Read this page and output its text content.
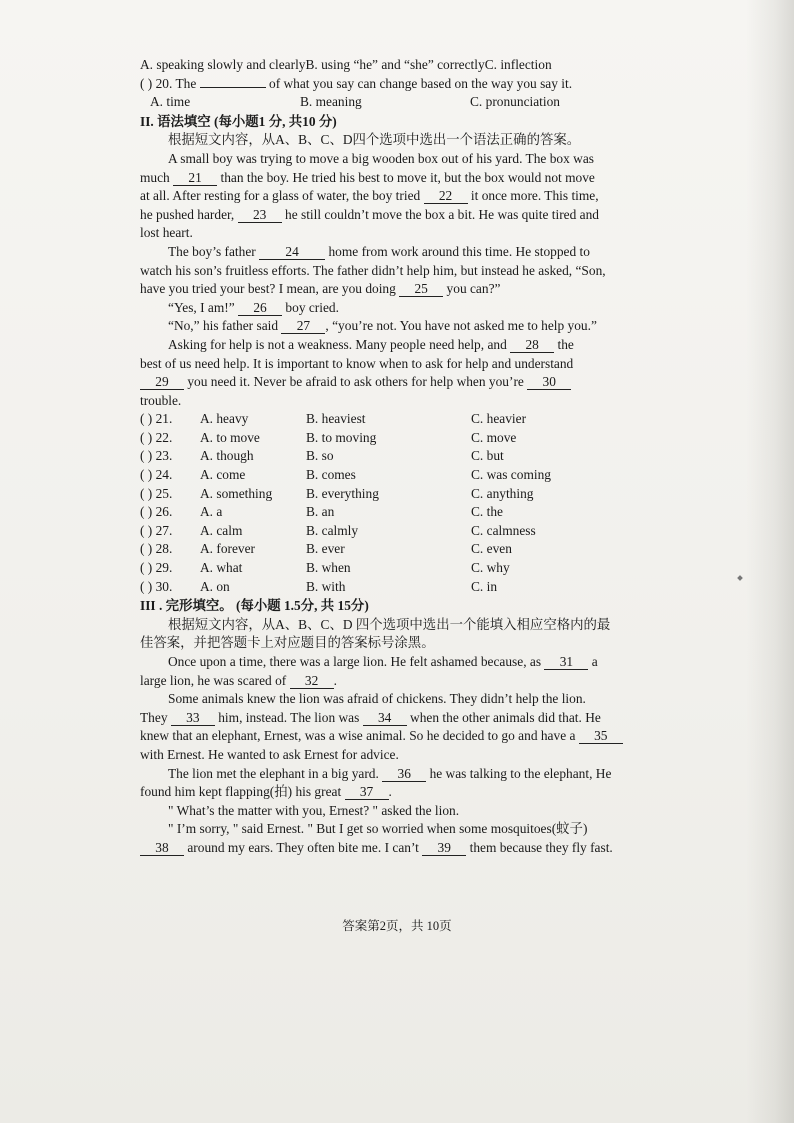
A. speaking slowly and clearlyB. using “he” and “she” correctlyC. inflection
( ) 20. The	of what you say can change based on the way you say it.
A. time	B. meaning	C. pronunciation
II. 语法填空 (每小题1 分, 共10 分)
根据短文内容，从A、B、C、D四个选项中选出一个语法正确的答案。
A small boy was trying to move a big wooden box out of his yard. The box was
much 21 than the boy. He tried his best to move it, but the box would not move
at all. After resting for a glass of water, the boy tried 22 it once more. This time,
he pushed harder, 23 he still couldn’t move the box a bit. He was quite tired and
lost heart.
The boy’s father 24 home from work around this time. He stopped to
watch his son’s fruitless efforts. The father didn’t help him, but instead he asked, “Son,
have you tried your best? I mean, are you doing 25 you can?”
“Yes, I am!” 26 boy cried.
“No,” his father said 27 , “you’re not. You have not asked me to help you.”
Asking for help is not a weakness. Many people need help, and 28 the
best of us need help. It is important to know when to ask for help and understand
29 you need it. Never be afraid to ask others for help when you’re 30
trouble.
( ) 21.	A. heavy	B. heaviest	C. heavier
( ) 22.	A. to move	B. to moving	C. move
( ) 23.	A. though	B. so	C. but
( ) 24.	A. come	B. comes	C. was coming
( ) 25.	A. something	B. everything	C. anything
( ) 26.	A. a	B. an	C. the
( ) 27.	A. calm	B. calmly	C. calmness
( ) 28.	A. forever	B. ever	C. even
( ) 29.	A. what	B. when	C. why
( ) 30.	A. on	B. with	C. in
III . 完形填空。 (每小题 1.5分, 共 15分)
根据短文内容，从A、B、C、D 四个选项中选出一个能填入相应空格内的最
佳答案，并把答题卡上对应题目的答案标号涂黑。
Once upon a time, there was a large lion. He felt ashamed because, as 31 a
large lion, he was scared of 32 .
Some animals knew the lion was afraid of chickens. They didn’t help the lion.
They 33 him, instead. The lion was 34 when the other animals did that. He
knew that an elephant, Ernest, was a wise animal. So he decided to go and have a 35
with Ernest. He wanted to ask Ernest for advice.
The lion met the elephant in a big yard. 36 he was talking to the elephant, He
found him kept flapping(拍) his great 37 .
" What’s the matter with you, Ernest? " asked the lion.
" I’m sorry, " said Ernest. " But I get so worried when some mosquitoes(蚊子)
38 around my ears. They often bite me. I can’t 39 them because they fly fast.
答案第2页，共 10页
